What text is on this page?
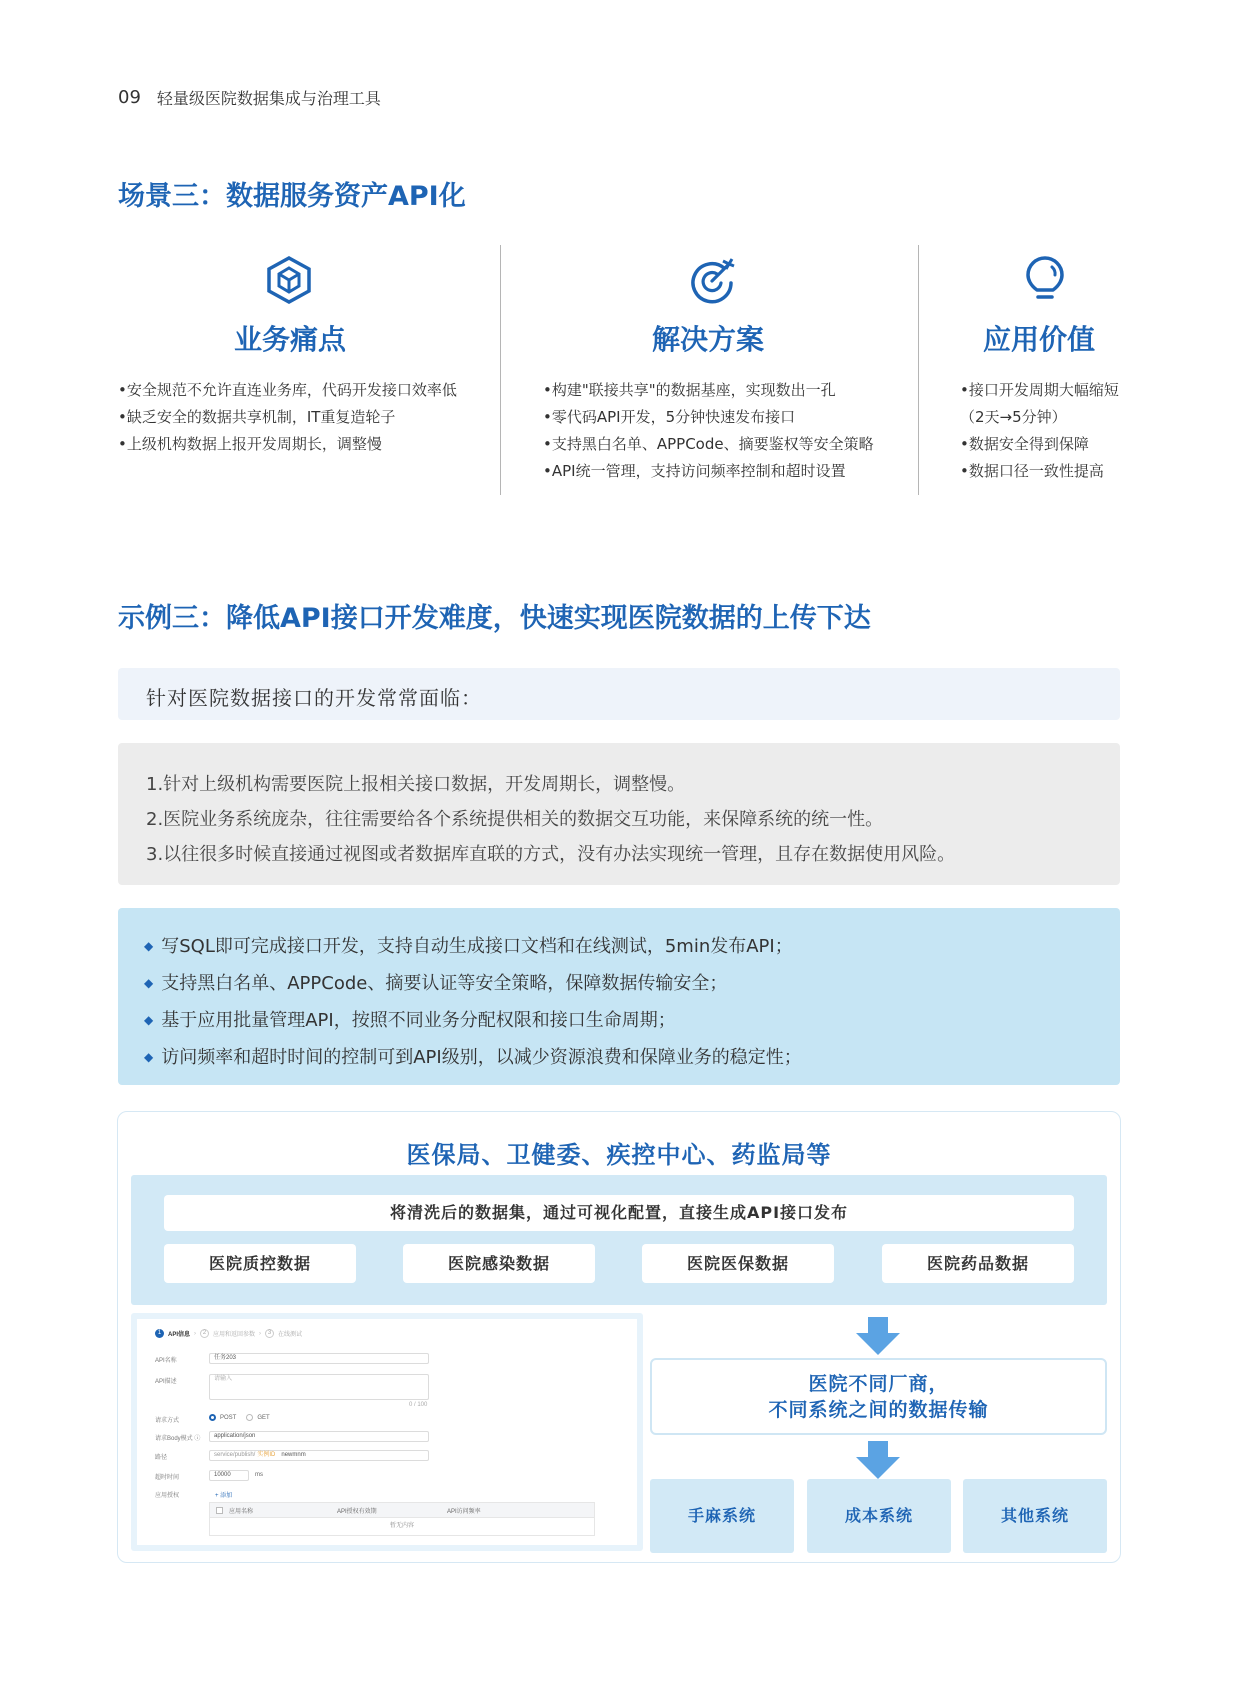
09 轻量级医院数据集成与治理工具
场景三：数据服务资产API化
业务痛点
•安全规范不允许直连业务库，代码开发接口效率低
•缺乏安全的数据共享机制，IT重复造轮子
•上级机构数据上报开发周期长，调整慢
解决方案
•构建"联接共享"的数据基座，实现数出一孔
•零代码API开发，5分钟快速发布接口
•支持黑白名单、APPCode、摘要鉴权等安全策略
•API统一管理，支持访问频率控制和超时设置
应用价值
•接口开发周期大幅缩短
（2天→5分钟）
•数据安全得到保障
•数据口径一致性提高
示例三：降低API接口开发难度，快速实现医院数据的上传下达
针对医院数据接口的开发常常面临：
1.针对上级机构需要医院上报相关接口数据，开发周期长，调整慢。
2.医院业务系统庞杂，往往需要给各个系统提供相关的数据交互功能，来保障系统的统一性。
3.以往很多时候直接通过视图或者数据库直联的方式，没有办法实现统一管理，且存在数据使用风险。
◆ 写SQL即可完成接口开发，支持自动生成接口文档和在线测试，5min发布API；
◆ 支持黑白名单、APPCode、摘要认证等安全策略，保障数据传输安全；
◆ 基于应用批量管理API，按照不同业务分配权限和接口生命周期；
◆ 访问频率和超时时间的控制可到API级别，以减少资源浪费和保障业务的稳定性；
医保局、卫健委、疾控中心、药监局等
将清洗后的数据集，通过可视化配置，直接生成API接口发布
医院质控数据	医院感染数据	医院医保数据	医院药品数据
1	API信息 ›	2	应用和返回参数 ›	3	在线测试
API名称	任务203
API描述	请输入
0 / 100
请求方式
POST	GET
请求Body模式 ⓘ	application/json
路径	service/publish/ 实例ID newmnm
超时时间	10000	ms
应用授权	+ 添加
应用名称	API授权有效期	API访问频率
暂无内容
医院不同厂商，
不同系统之间的数据传输
手麻系统	成本系统	其他系统
